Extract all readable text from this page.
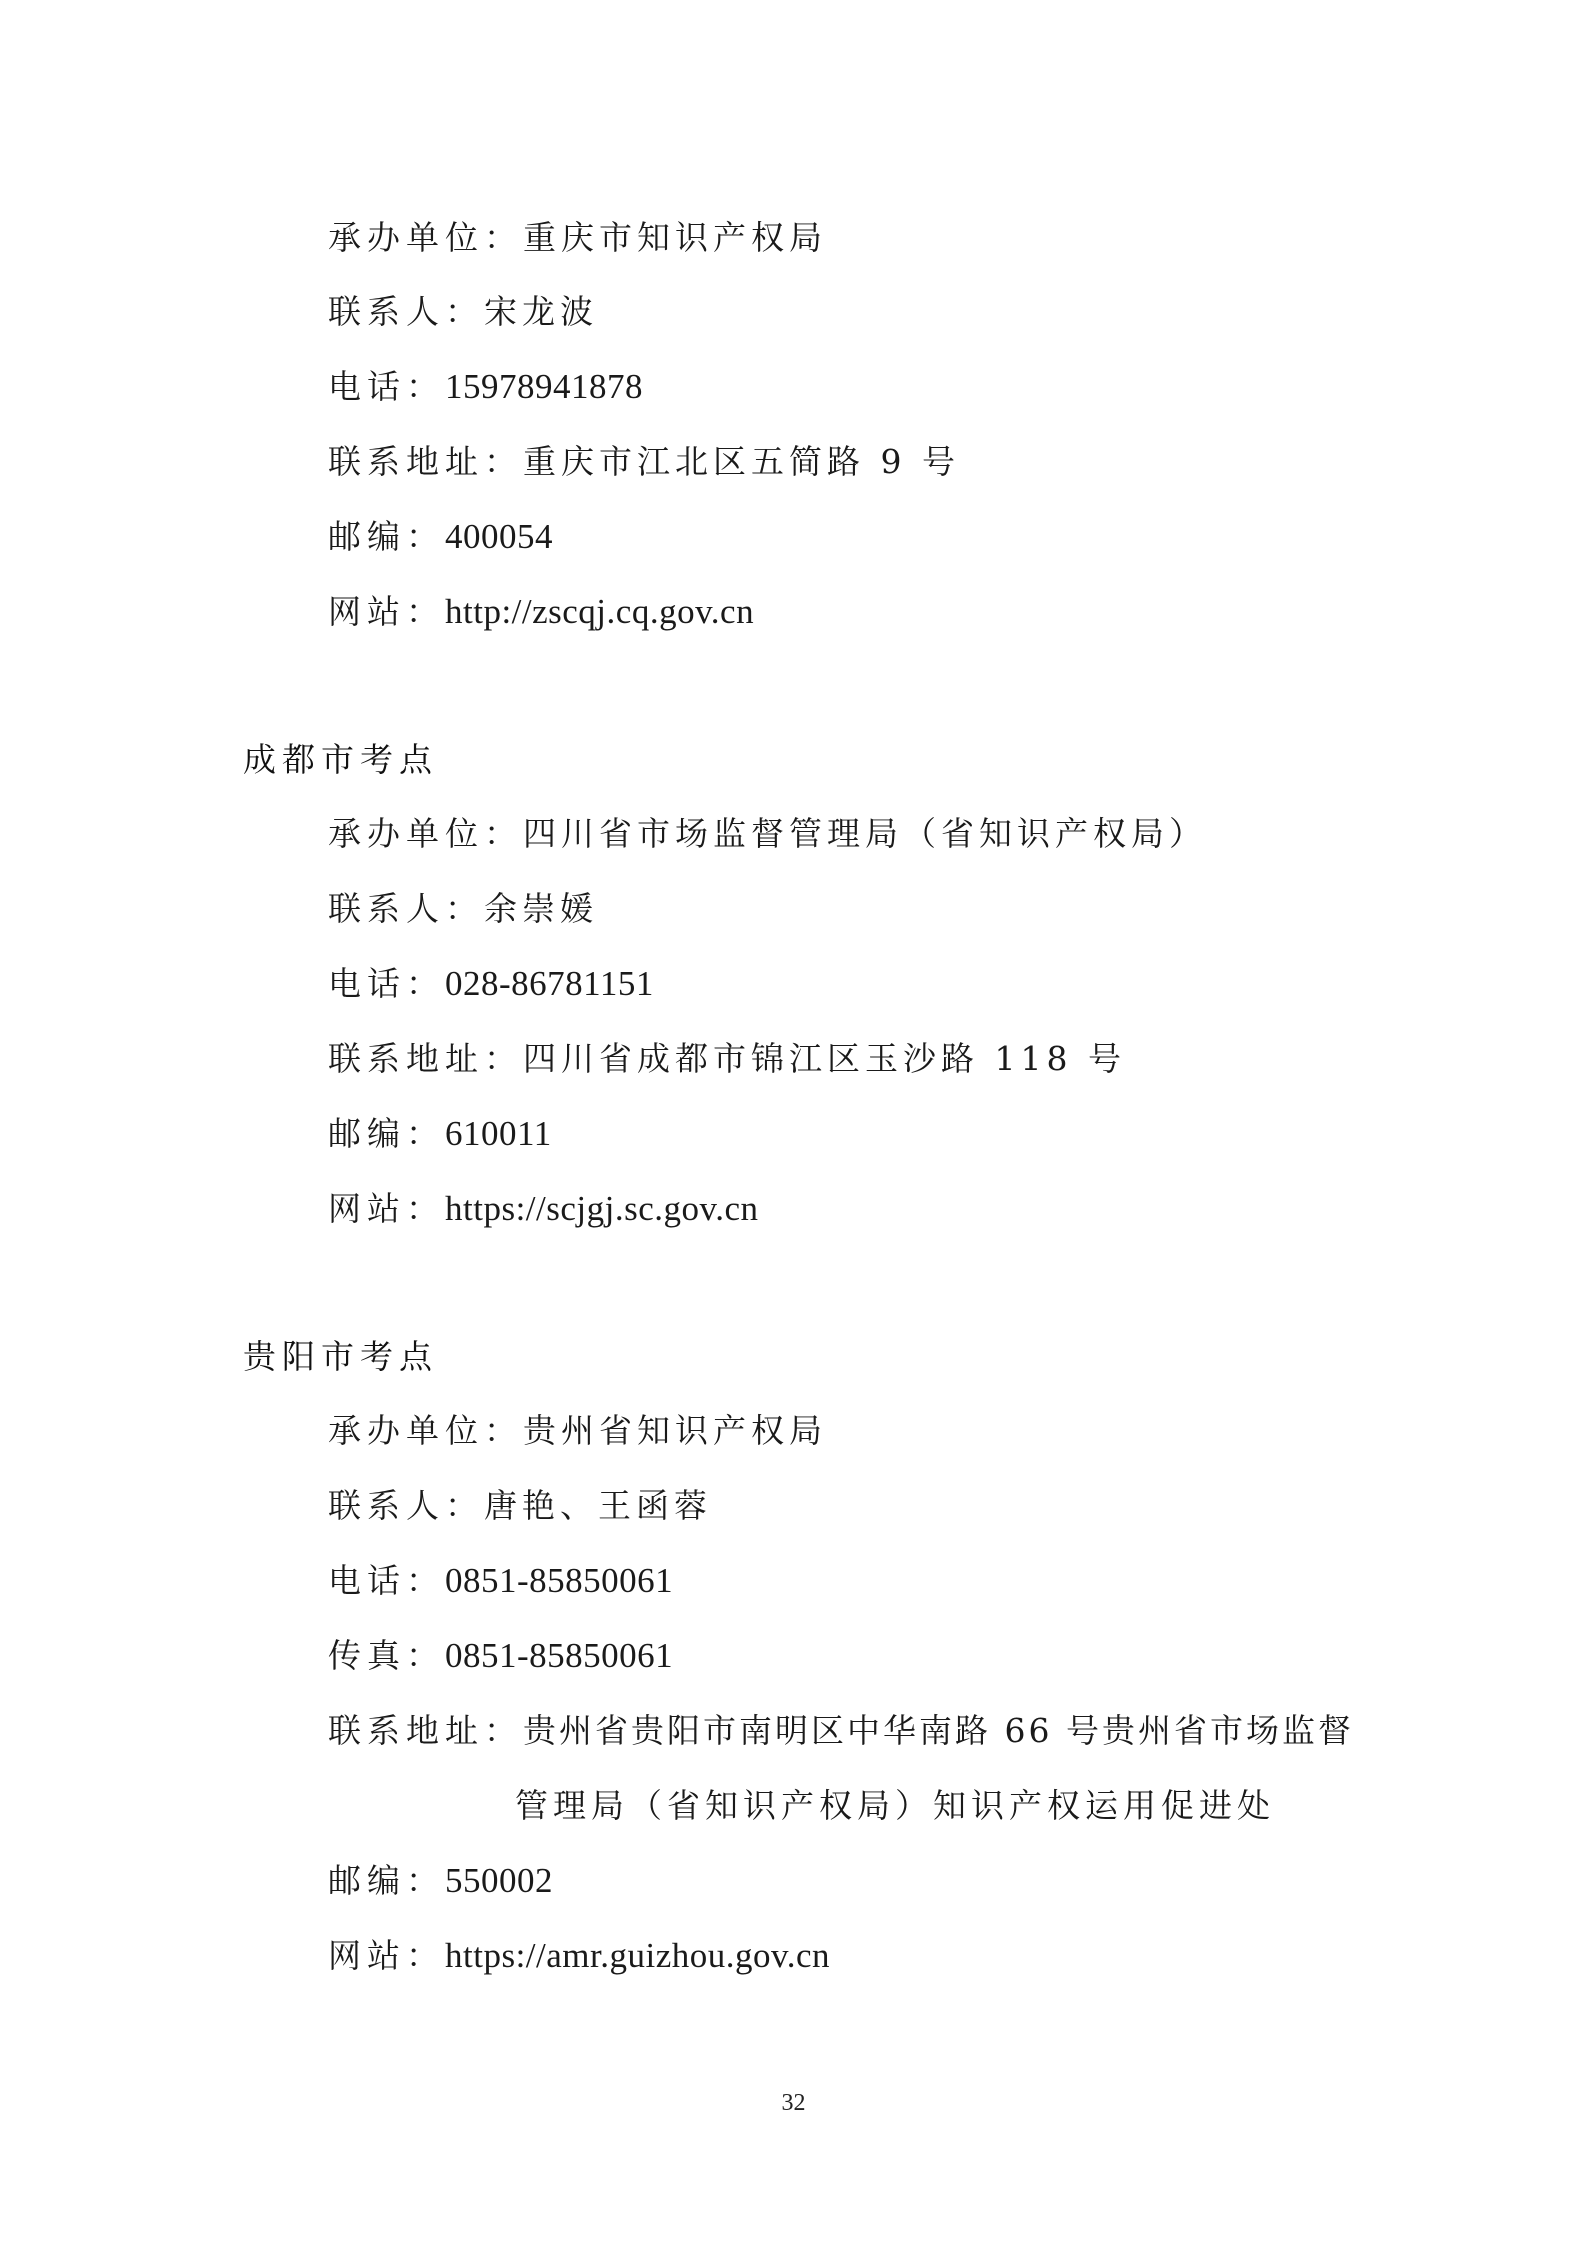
承办单位：重庆市知识产权局
联系人：宋龙波
电话：15978941878
联系地址：重庆市江北区五简路 9 号
邮编：400054
网站：http://zscqj.cq.gov.cn
成都市考点
承办单位：四川省市场监督管理局（省知识产权局）
联系人：余崇媛
电话：028-86781151
联系地址：四川省成都市锦江区玉沙路 118 号
邮编：610011
网站：https://scjgj.sc.gov.cn
贵阳市考点
承办单位：贵州省知识产权局
联系人：唐艳、王函蓉
电话：0851-85850061
传真：0851-85850061
联系地址：贵州省贵阳市南明区中华南路 66 号贵州省市场监督
管理局（省知识产权局）知识产权运用促进处
邮编：550002
网站：https://amr.guizhou.gov.cn
32
